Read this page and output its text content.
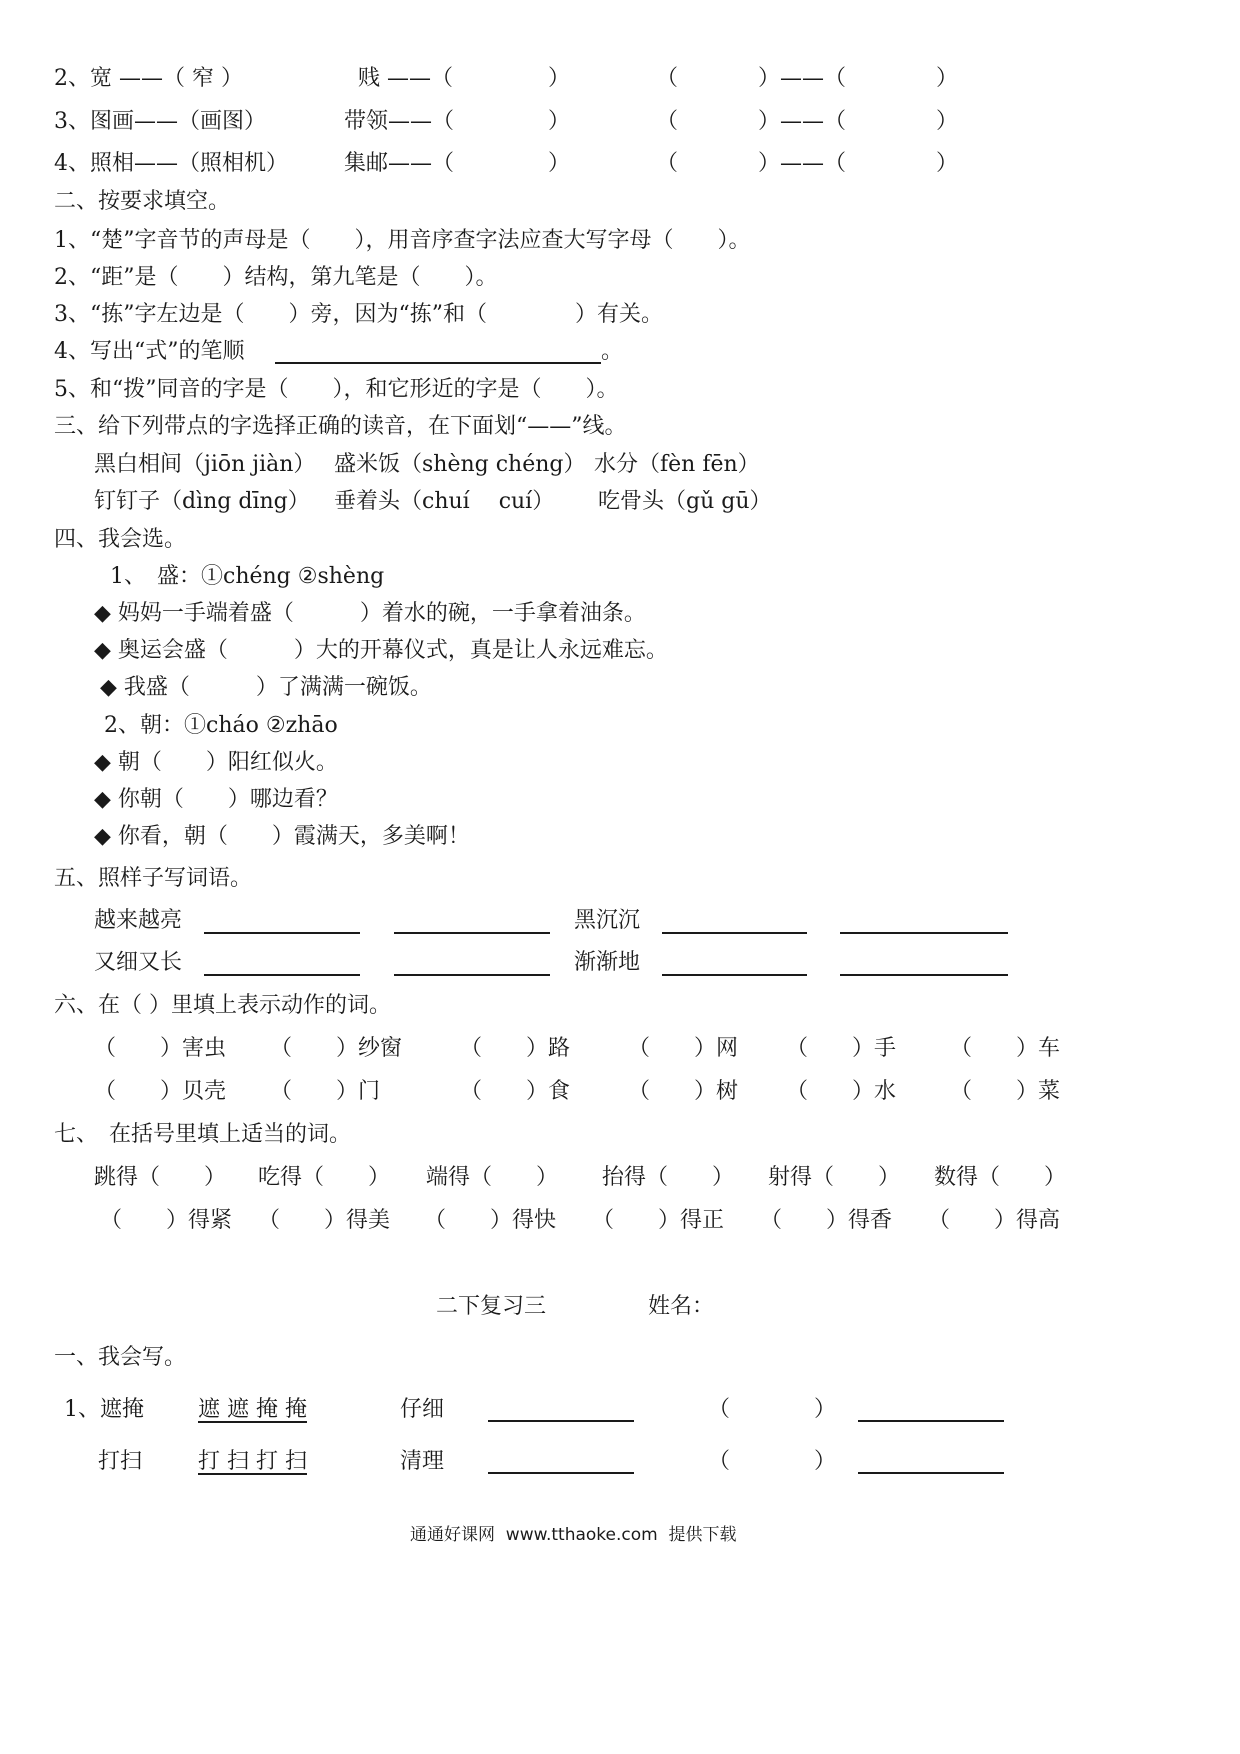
2、宽 ——（ 窄 ）	贱 ——（	）	（	）——（	）
3、图画——（画图）	带领——（	）	（	）——（	）
4、照相——（照相机）	集邮——（	）	（	）——（	）
二、按要求填空。
1、“楚”字音节的声母是（　　），用音序查字法应查大写字母（　　）。
2、“距”是（　　）结构，第九笔是（　　）。
3、“拣”字左边是（　　）旁，因为“拣”和（　　　　）有关。
4、写出“式”的笔顺	。
5、和“拨”同音的字是（　　），和它形近的字是（　　）。
三、给下列带点的字选择正确的读音，在下面划“——”线。
黑白相间（jiōn jiàn） 盛米饭（shèng chéng） 水分（fèn fēn）
钉钉子（dìng dīng） 垂着头（chuí　 cuí） 吃骨头（gǔ gū）
四、我会选。
1、　盛：①chéng ②shèng
◆ 妈妈一手端着盛（　　　）着水的碗，一手拿着油条。
◆ 奥运会盛（　　　）大的开幕仪式，真是让人永远难忘。
◆ 我盛（　　　）了满满一碗饭。
2、朝：①cháo ②zhāo
◆ 朝（　　）阳红似火。
◆ 你朝（　　）哪边看？
◆ 你看，朝（　　）霞满天，多美啊！
五、照样子写词语。
越来越亮	黑沉沉
又细又长	渐渐地
六、在（ ）里填上表示动作的词。
（　　）害虫 （　　）纱窗	（　　）路	（　　）网 （　　）手 （　　）车
（　　）贝壳 （　　）门	（　　）食	（　　）树 （　　）水 （　　）菜
七、　在括号里填上适当的词。
跳得（　　） 吃得（　　） 端得（　　） 抬得（　　） 射得（　　） 数得（　　）
（　　）得紧 （　　）得美 （　　）得快 （　　）得正 （　　）得香 （　　）得高
二下复习三	姓名：
一、我会写。
1、遮掩 遮 遮 掩 掩	仔细	（	）
打扫	打 扫 打 扫	清理	（	）
通通好课网  www.tthaoke.com  提供下载
